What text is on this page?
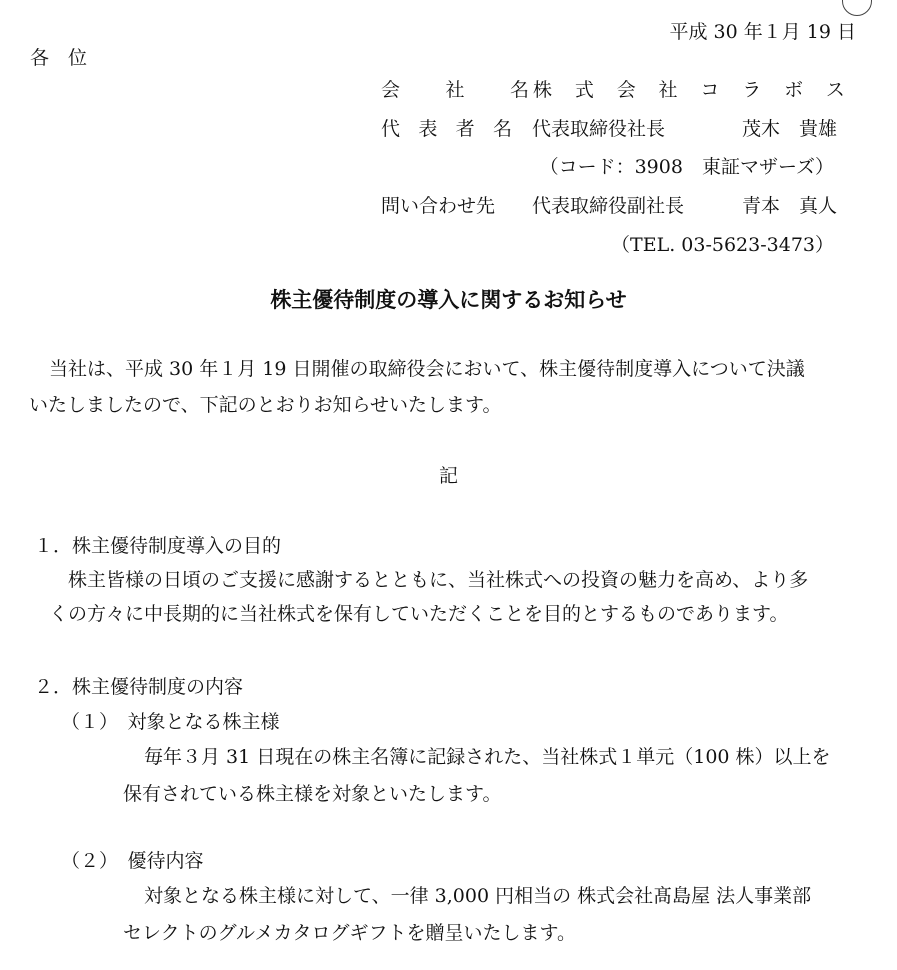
平成 30 年１月 19 日
各　位
会 社 名 株 式 会 社 コ ラ ボ ス
代 表 者 名 代表取締役社長	茂木　貴雄
（コード：3908　東証マザーズ）
問い合わせ先 代表取締役副社長	青本　真人
（TEL. 03-5623-3473）
株主優待制度の導入に関するお知らせ
当社は、平成 30 年１月 19 日開催の取締役会において、株主優待制度導入について決議
いたしましたので、下記のとおりお知らせいたします。
記
１．株主優待制度導入の目的
株主皆様の日頃のご支援に感謝するとともに、当社株式への投資の魅力を高め、より多
くの方々に中長期的に当社株式を保有していただくことを目的とするものであります。
２．株主優待制度の内容
（１）　対象となる株主様
毎年３月 31 日現在の株主名簿に記録された、当社株式１単元（100 株）以上を
保有されている株主様を対象といたします。
（２）　優待内容
対象となる株主様に対して、一律 3,000 円相当の 株式会社髙島屋 法人事業部
セレクトのグルメカタログギフトを贈呈いたします。
